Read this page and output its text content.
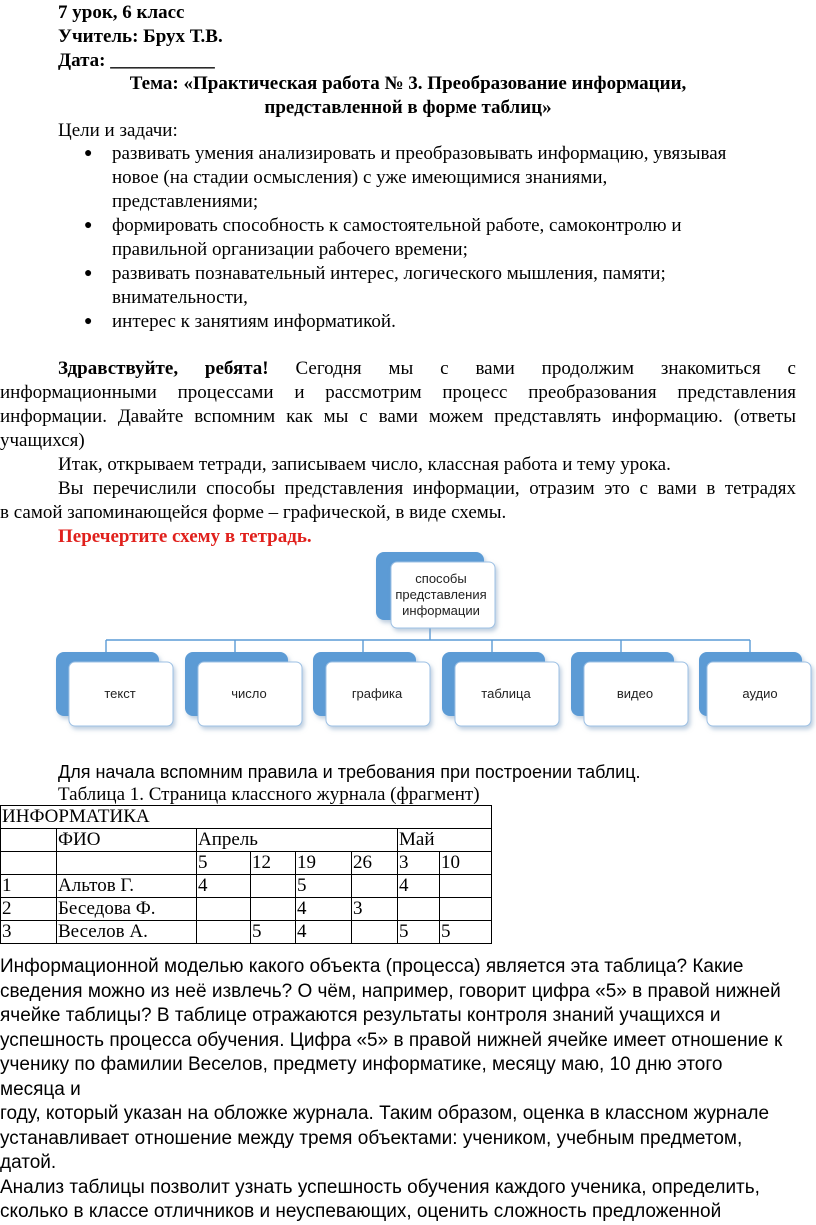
7 урок, 6 класс
Учитель: Брух Т.В.
Дата: ___________
Тема: «Практическая работа № 3. Преобразование информации,
представленной в форме таблиц»
Цели и задачи:
● развивать умения анализировать и преобразовывать информацию, увязывая
новое (на стадии осмысления) с уже имеющимися знаниями,
представлениями;
● формировать способность к самостоятельной работе, самоконтролю и
правильной организации рабочего времени;
● развивать познавательный интерес, логического мышления, памяти;
внимательности,
● интерес к занятиям информатикой.
Здравствуйте, ребята! Сегодня мы с вами продолжим знакомиться с
информационными процессами и рассмотрим процесс преобразования представления
информации. Давайте вспомним как мы с вами можем представлять информацию. (ответы
учащихся)
Итак, открываем тетради, записываем число, классная работа и тему урока.
Вы перечислили способы представления информации, отразим это с вами в тетрадях
в самой запоминающейся форме – графической, в виде схемы.
Перечертите схему в тетрадь.
способы
представления
информации
текст	число	графика	таблица	видео	аудио
Для начала вспомним правила и требования при построении таблиц.
Таблица 1. Страница классного журнала (фрагмент)
ИНФОРМАТИКА							
	ФИО	Апрель				Май	
		5	12	19	26	3	10
1	Альтов Г.	4		5		4	
2	Беседова Ф.			4	3		
3	Веселов А.		5	4		5	5
Информационной моделью какого объекта (процесса) является эта таблица? Какие
сведения можно из неё извлечь? О чём, например, говорит цифра «5» в правой нижней
ячейке таблицы? В таблице отражаются результаты контроля знаний учащихся и
успешность процесса обучения. Цифра «5» в правой нижней ячейке имеет отношение к
ученику по фамилии Веселов, предмету информатике, месяцу маю, 10 дню этого месяца и
году, который указан на обложке журнала. Таким образом, оценка в классном журнале
устанавливает отношение между тремя объектами: учеником, учебным предметом, датой.
Анализ таблицы позволит узнать успешность обучения каждого ученика, определить,
сколько в классе отличников и неуспевающих, оценить сложность предложенной
